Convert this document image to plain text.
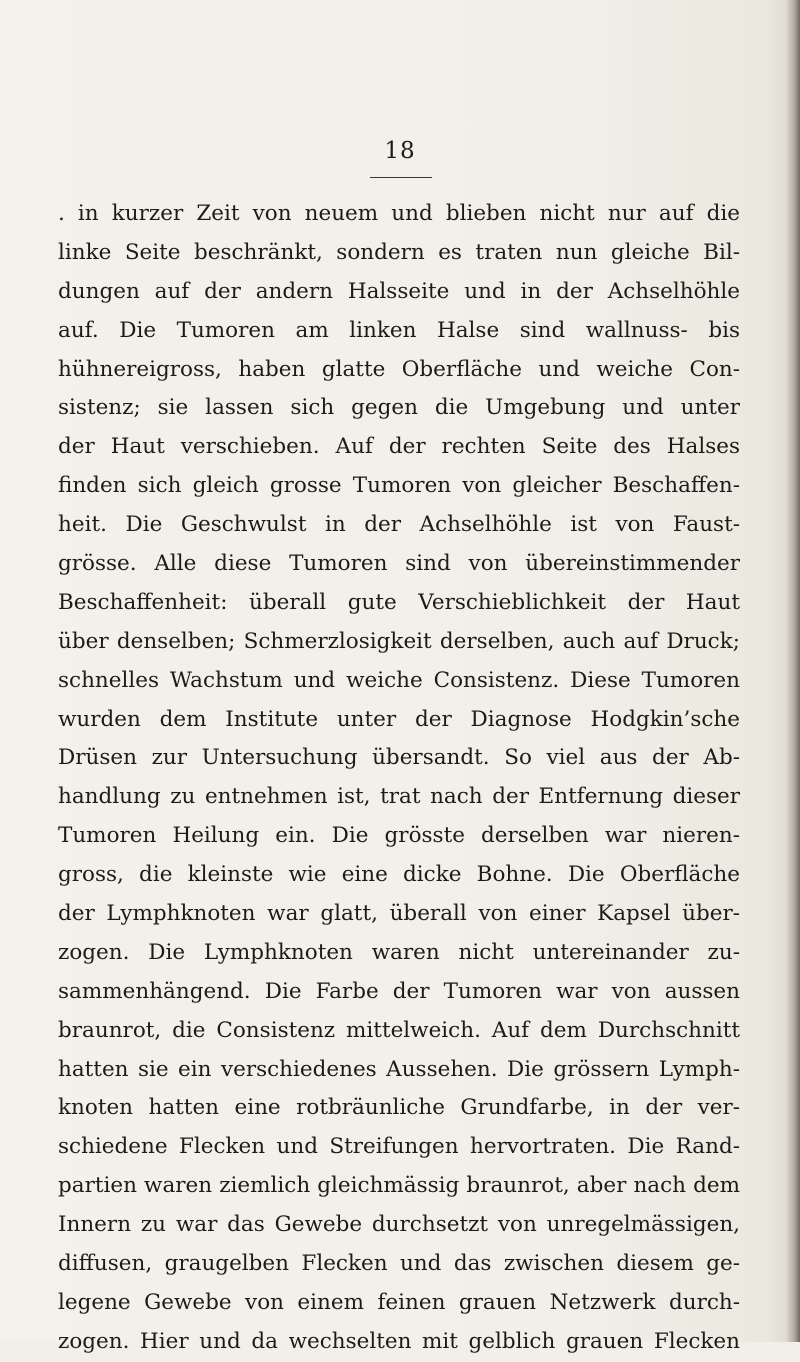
18
. in kurzer Zeit von neuem und blieben nicht nur auf die
linke Seite beschränkt, sondern es traten nun gleiche Bil-
dungen auf der andern Halsseite und in der Achselhöhle
auf. Die Tumoren am linken Halse sind wallnuss- bis
hühnereigross, haben glatte Oberfläche und weiche Con-
sistenz; sie lassen sich gegen die Umgebung und unter
der Haut verschieben. Auf der rechten Seite des Halses
finden sich gleich grosse Tumoren von gleicher Beschaffen-
heit. Die Geschwulst in der Achselhöhle ist von Faust-
grösse. Alle diese Tumoren sind von übereinstimmender
Beschaffenheit: überall gute Verschieblichkeit der Haut
über denselben; Schmerzlosigkeit derselben, auch auf Druck;
schnelles Wachstum und weiche Consistenz. Diese Tumoren
wurden dem Institute unter der Diagnose Hodgkin’sche
Drüsen zur Untersuchung übersandt. So viel aus der Ab-
handlung zu entnehmen ist, trat nach der Entfernung dieser
Tumoren Heilung ein. Die grösste derselben war nieren-
gross, die kleinste wie eine dicke Bohne. Die Oberfläche
der Lymphknoten war glatt, überall von einer Kapsel über-
zogen. Die Lymphknoten waren nicht untereinander zu-
sammenhängend. Die Farbe der Tumoren war von aussen
braunrot, die Consistenz mittelweich. Auf dem Durchschnitt
hatten sie ein verschiedenes Aussehen. Die grössern Lymph-
knoten hatten eine rotbräunliche Grundfarbe, in der ver-
schiedene Flecken und Streifungen hervortraten. Die Rand-
partien waren ziemlich gleichmässig braunrot, aber nach dem
Innern zu war das Gewebe durchsetzt von unregelmässigen,
diffusen, graugelben Flecken und das zwischen diesem ge-
legene Gewebe von einem feinen grauen Netzwerk durch-
zogen. Hier und da wechselten mit gelblich grauen Flecken
